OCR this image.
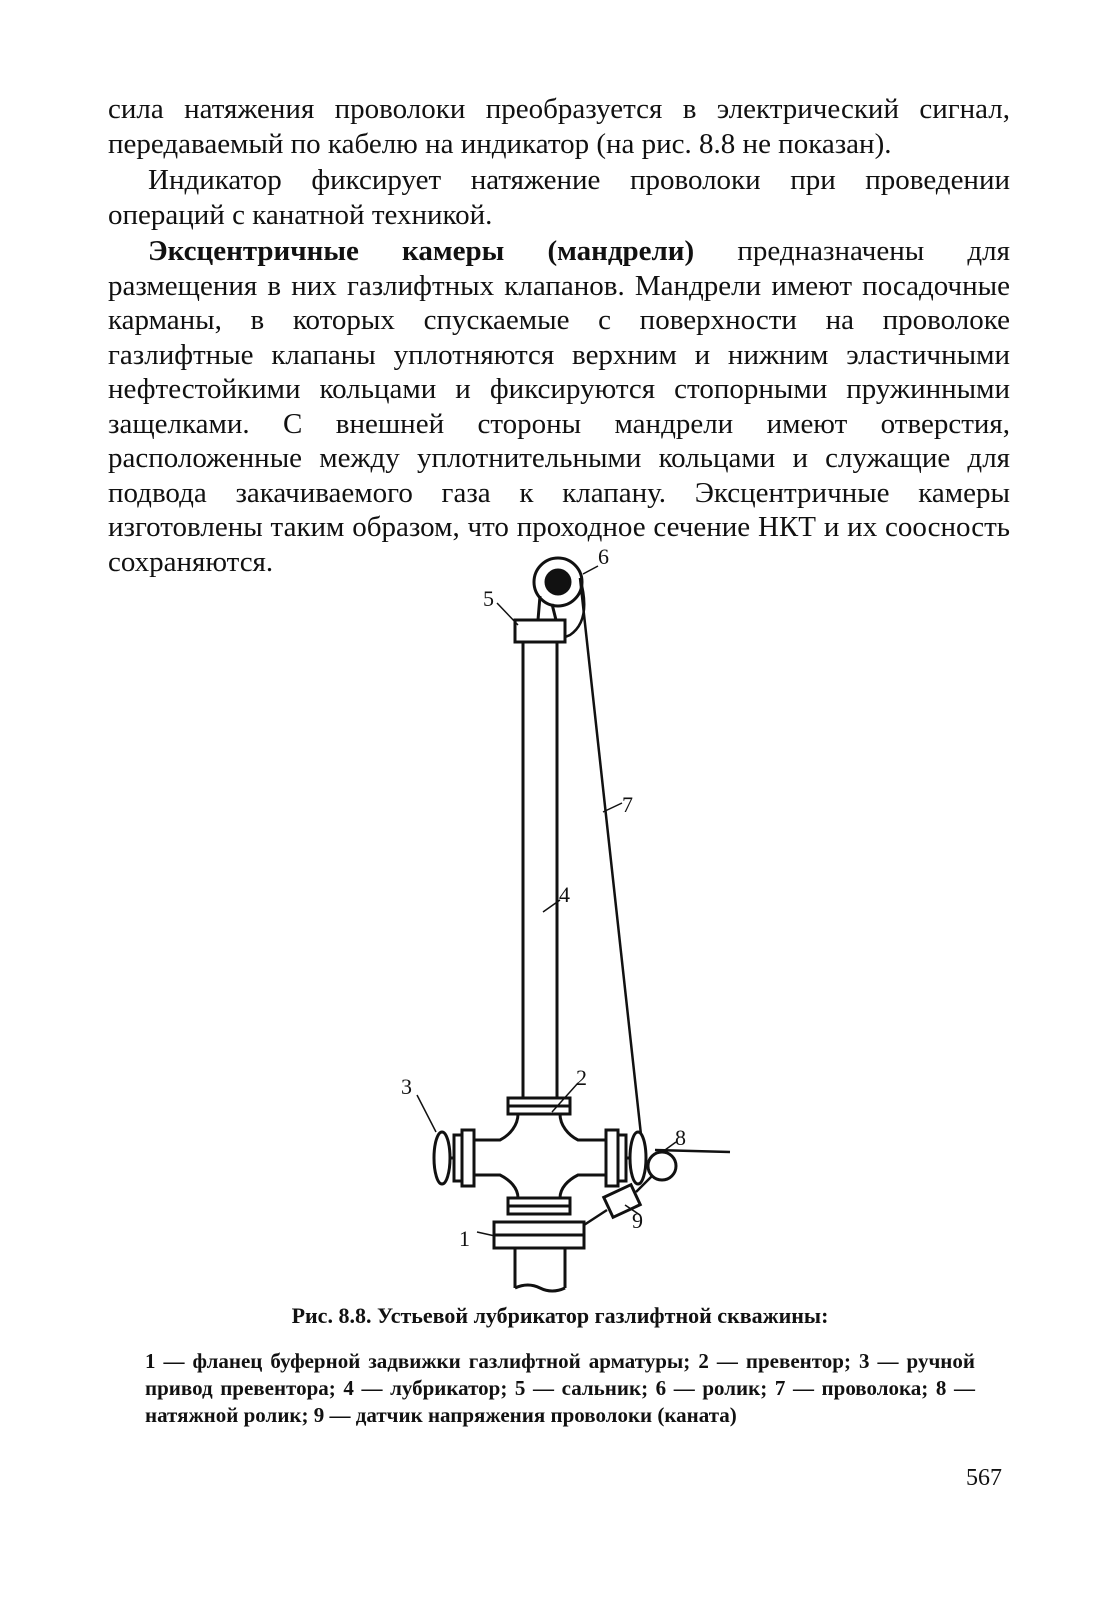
сила натяжения проволоки преобразуется в электрический сигнал, передаваемый по кабелю на индикатор (на рис. 8.8 не показан).

Индикатор фиксирует натяжение проволоки при проведении операций с канатной техникой.

Эксцентричные камеры (мандрели) предназначены для размещения в них газлифтных клапанов. Мандрели имеют посадочные карманы, в которых спускаемые с поверхности на проволоке газлифтные клапаны уплотняются верхним и нижним эластичными нефтестойкими кольцами и фиксируются стопорными пружинными защелками. С внешней стороны мандрели имеют отверстия, расположенные между уплотнительными кольцами и служащие для подвода закачиваемого газа к клапану. Эксцентричные камеры изготовлены таким образом, что проходное сечение НКТ и их соосность сохраняются.

5
6
7
4
2
3
8
9
1
Рис. 8.8. Устьевой лубрикатор газлифтной скважины:
1 — фланец буферной задвижки газлифтной арматуры; 2 — превентор; 3 — ручной привод превентора; 4 — лубрикатор; 5 — сальник; 6 — ролик; 7 — проволока; 8 — натяжной ролик; 9 — датчик напряжения проволоки (каната)
567
